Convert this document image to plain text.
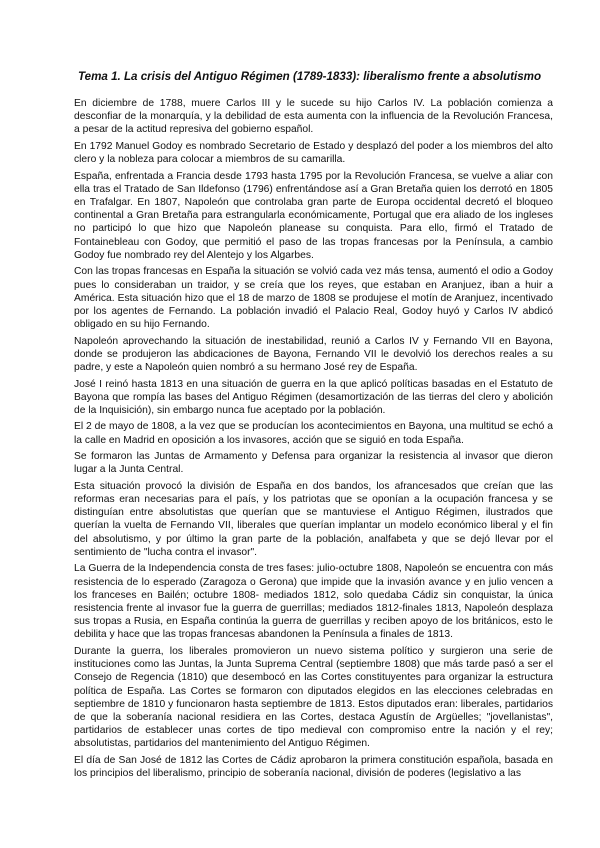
Tema 1. La crisis del Antiguo Régimen (1789-1833): liberalismo frente a absolutismo

En diciembre de 1788, muere Carlos III y le sucede su hijo Carlos IV. La población comienza a desconfiar de la monarquía, y la debilidad de esta aumenta con la influencia de la Revolución Francesa, a pesar de la actitud represiva del gobierno español.

En 1792 Manuel Godoy es nombrado Secretario de Estado y desplazó del poder a los miembros del alto clero y la nobleza para colocar a miembros de su camarilla.

España, enfrentada a Francia desde 1793 hasta 1795 por la Revolución Francesa, se vuelve a aliar con ella tras el Tratado de San Ildefonso (1796) enfrentándose así a Gran Bretaña quien los derrotó en 1805 en Trafalgar. En 1807, Napoleón que controlaba gran parte de Europa occidental decretó el bloqueo continental a Gran Bretaña para estrangularla económicamente, Portugal que era aliado de los ingleses no participó lo que hizo que Napoleón planease su conquista. Para ello, firmó el Tratado de Fontainebleau con Godoy, que permitió el paso de las tropas francesas por la Península, a cambio Godoy fue nombrado rey del Alentejo y los Algarbes.

Con las tropas francesas en España la situación se volvió cada vez más tensa, aumentó el odio a Godoy pues lo consideraban un traidor, y se creía que los reyes, que estaban en Aranjuez, iban a huir a América. Esta situación hizo que el 18 de marzo de 1808 se produjese el motín de Aranjuez, incentivado por los agentes de Fernando. La población invadió el Palacio Real, Godoy huyó y Carlos IV abdicó obligado en su hijo Fernando.

Napoleón aprovechando la situación de inestabilidad, reunió a Carlos IV y Fernando VII en Bayona, donde se produjeron las abdicaciones de Bayona, Fernando VII le devolvió los derechos reales a su padre, y este a Napoleón quien nombró a su hermano José rey de España.

José I reinó hasta 1813 en una situación de guerra en la que aplicó políticas basadas en el Estatuto de Bayona que rompía las bases del Antiguo Régimen (desamortización de las tierras del clero y abolición de la Inquisición), sin embargo nunca fue aceptado por la población.

El 2 de mayo de 1808, a la vez que se producían los acontecimientos en Bayona, una multitud se echó a la calle en Madrid en oposición a los invasores, acción que se siguió en toda España.

Se formaron las Juntas de Armamento y Defensa para organizar la resistencia al invasor que dieron lugar a la Junta Central.

Esta situación provocó la división de España en dos bandos, los afrancesados que creían que las reformas eran necesarias para el país, y los patriotas que se oponían a la ocupación francesa y se distinguían entre absolutistas que querían que se mantuviese el Antiguo Régimen, ilustrados que querían la vuelta de Fernando VII, liberales que querían implantar un modelo económico liberal y el fin del absolutismo, y por último la gran parte de la población, analfabeta y que se dejó llevar por el sentimiento de "lucha contra el invasor".

La Guerra de la Independencia consta de tres fases: julio-octubre 1808, Napoleón se encuentra con más resistencia de lo esperado (Zaragoza o Gerona) que impide que la invasión avance y en julio vencen a los franceses en Bailén; octubre 1808- mediados 1812, solo quedaba Cádiz sin conquistar, la única resistencia frente al invasor fue la guerra de guerrillas; mediados 1812-finales 1813, Napoleón desplaza sus tropas a Rusia, en España continúa la guerra de guerrillas y reciben apoyo de los británicos, esto le debilita y hace que las tropas francesas abandonen la Península a finales de 1813.

Durante la guerra, los liberales promovieron un nuevo sistema político y surgieron una serie de instituciones como las Juntas, la Junta Suprema Central (septiembre 1808) que más tarde pasó a ser el Consejo de Regencia (1810) que desembocó en las Cortes constituyentes para organizar la estructura política de España. Las Cortes se formaron con diputados elegidos en las elecciones celebradas en septiembre de 1810 y funcionaron hasta septiembre de 1813. Estos diputados eran: liberales, partidarios de que la soberanía nacional residiera en las Cortes, destaca Agustín de Argüelles; "jovellanistas", partidarios de establecer unas cortes de tipo medieval con compromiso entre la nación y el rey; absolutistas, partidarios del mantenimiento del Antiguo Régimen.

El día de San José de 1812 las Cortes de Cádiz aprobaron la primera constitución española, basada en los principios del liberalismo, principio de soberanía nacional, división de poderes (legislativo a las
